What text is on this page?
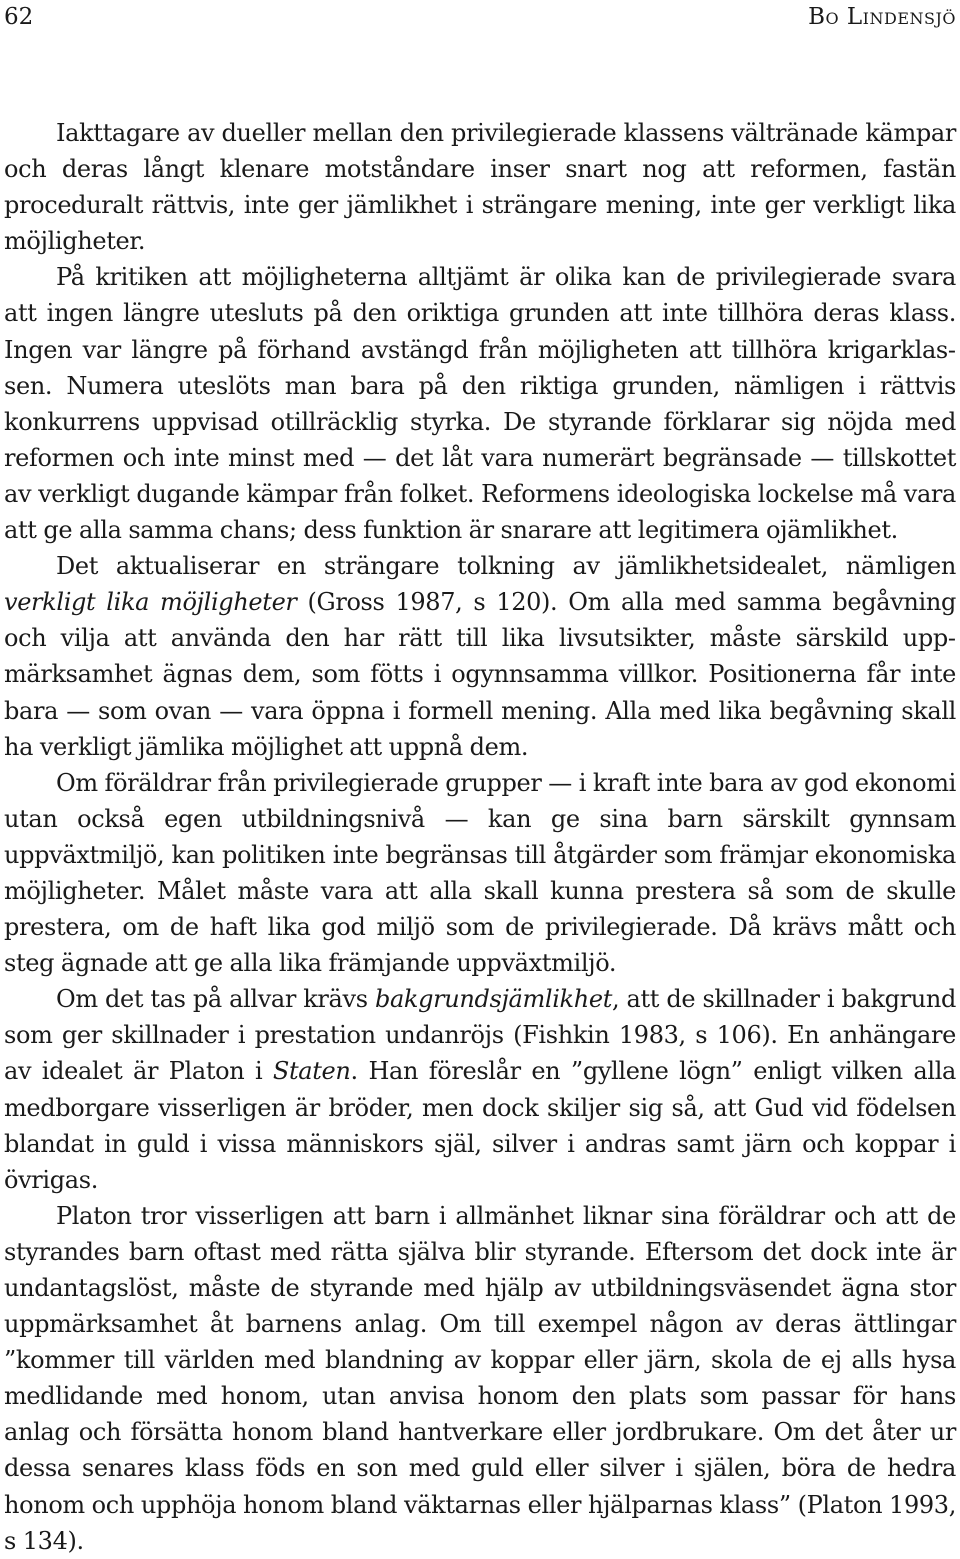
62	Bo Lindensjö

Iakttagare av dueller mellan den privilegierade klassens vältränade kämpar och deras långt klenare motståndare inser snart nog att reformen, fastän proceduralt rättvis, inte ger jämlikhet i strängare mening, inte ger verkligt lika möjligheter.

På kritiken att möjligheterna alltjämt är olika kan de privilegierade svara att ingen längre utesluts på den oriktiga grunden att inte tillhöra deras klass. Ingen var längre på förhand avstängd från möjligheten att tillhöra krigarklassen. Numera uteslöts man bara på den riktiga grunden, nämligen i rättvis konkurrens uppvisad otillräcklig styrka. De styrande förklarar sig nöjda med reformen och inte minst med — det låt vara numerärt begränsade — tillskottet av verkligt dugande kämpar från folket. Reformens ideologiska lockelse må vara att ge alla samma chans; dess funktion är snarare att legitimera ojämlikhet.

Det aktualiserar en strängare tolkning av jämlikhetsidealet, nämligen verkligt lika möjligheter (Gross 1987, s 120). Om alla med samma begåvning och vilja att använda den har rätt till lika livsutsikter, måste särskild uppmärksamhet ägnas dem, som fötts i ogynnsamma villkor. Positionerna får inte bara — som ovan — vara öppna i formell mening. Alla med lika begåvning skall ha verkligt jämlika möjlighet att uppnå dem.

Om föräldrar från privilegierade grupper — i kraft inte bara av god ekonomi utan också egen utbildningsnivå — kan ge sina barn särskilt gynnsam uppväxtmiljö, kan politiken inte begränsas till åtgärder som främjar ekonomiska möjligheter. Målet måste vara att alla skall kunna prestera så som de skulle prestera, om de haft lika god miljö som de privilegierade. Då krävs mått och steg ägnade att ge alla lika främjande uppväxtmiljö.

Om det tas på allvar krävs bakgrundsjämlikhet, att de skillnader i bakgrund som ger skillnader i prestation undanröjs (Fishkin 1983, s 106). En anhängare av idealet är Platon i Staten. Han föreslår en ”gyllene lögn” enligt vilken alla medborgare visserligen är bröder, men dock skiljer sig så, att Gud vid födelsen blandat in guld i vissa människors själ, silver i andras samt järn och koppar i övrigas.

Platon tror visserligen att barn i allmänhet liknar sina föräldrar och att de styrandes barn oftast med rätta själva blir styrande. Eftersom det dock inte är undantagslöst, måste de styrande med hjälp av utbildningsväsendet ägna stor uppmärksamhet åt barnens anlag. Om till exempel någon av deras ättlingar ”kommer till världen med blandning av koppar eller järn, skola de ej alls hysa medlidande med honom, utan anvisa honom den plats som passar för hans anlag och försätta honom bland hantverkare eller jordbrukare. Om det åter ur dessa senares klass föds en son med guld eller silver i själen, böra de hedra honom och upphöja honom bland väktarnas eller hjälparnas klass” (Platon 1993, s 134).
